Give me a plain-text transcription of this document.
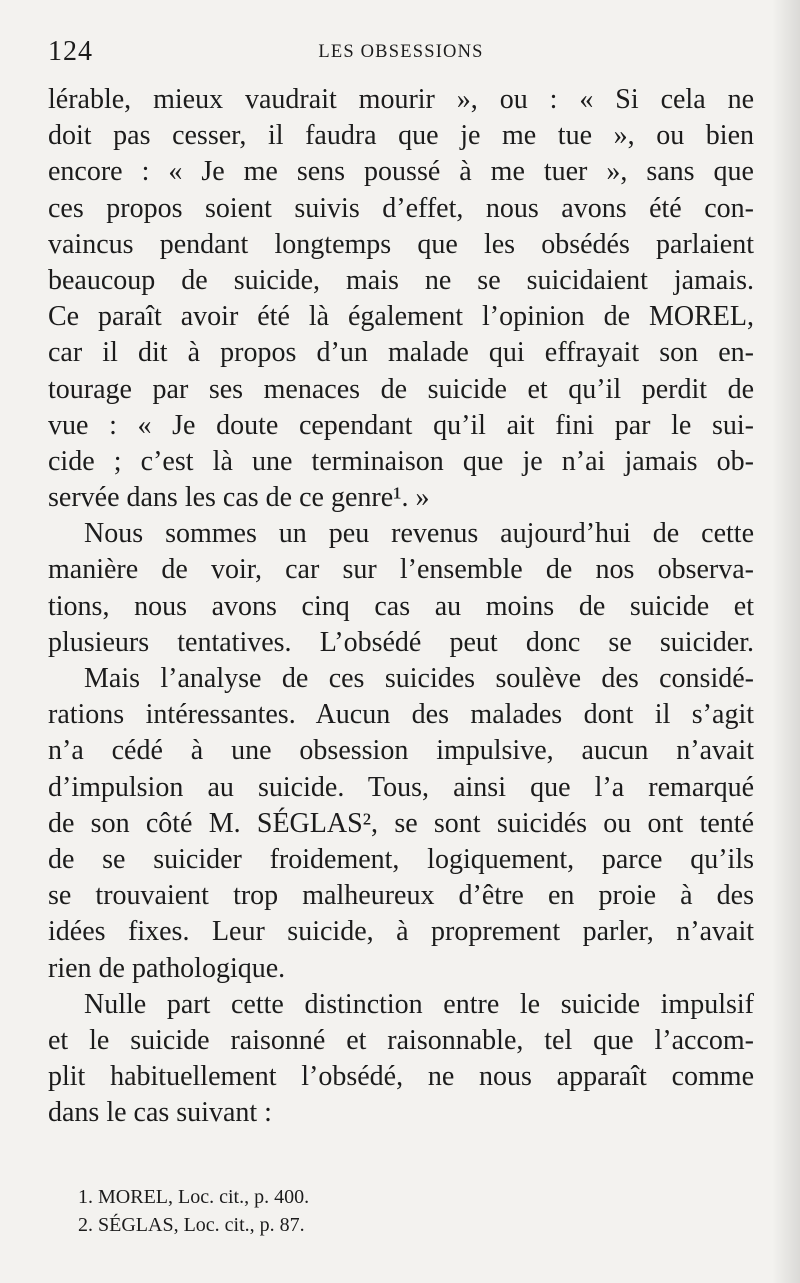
124	LES OBSESSIONS
lérable, mieux vaudrait mourir », ou : « Si cela ne
doit pas cesser, il faudra que je me tue », ou bien
encore : « Je me sens poussé à me tuer », sans que
ces propos soient suivis d’effet, nous avons été con-
vaincus pendant longtemps que les obsédés parlaient
beaucoup de suicide, mais ne se suicidaient jamais.
Ce paraît avoir été là également l’opinion de MOREL,
car il dit à propos d’un malade qui effrayait son en-
tourage par ses menaces de suicide et qu’il perdit de
vue : « Je doute cependant qu’il ait fini par le sui-
cide ; c’est là une terminaison que je n’ai jamais ob-
servée dans les cas de ce genre¹. »
Nous sommes un peu revenus aujourd’hui de cette
manière de voir, car sur l’ensemble de nos observa-
tions, nous avons cinq cas au moins de suicide et
plusieurs tentatives. L’obsédé peut donc se suicider.
Mais l’analyse de ces suicides soulève des considé-
rations intéressantes. Aucun des malades dont il s’agit
n’a cédé à une obsession impulsive, aucun n’avait
d’impulsion au suicide. Tous, ainsi que l’a remarqué
de son côté M. SÉGLAS², se sont suicidés ou ont tenté
de se suicider froidement, logiquement, parce qu’ils
se trouvaient trop malheureux d’être en proie à des
idées fixes. Leur suicide, à proprement parler, n’avait
rien de pathologique.
Nulle part cette distinction entre le suicide impulsif
et le suicide raisonné et raisonnable, tel que l’accom-
plit habituellement l’obsédé, ne nous apparaît comme
dans le cas suivant :
1. MOREL, Loc. cit., p. 400.
2. SÉGLAS, Loc. cit., p. 87.
